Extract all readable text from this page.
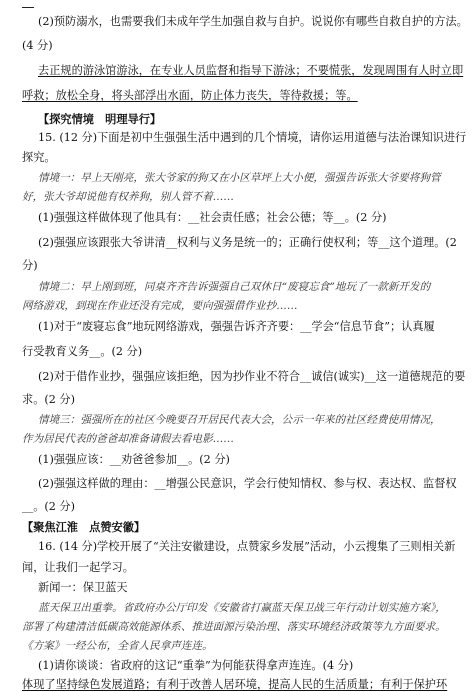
(2)预防溺水，也需要我们未成年学生加强自救与自护。说说你有哪些自救自护的方法。
(4 分)
去正规的游泳馆游泳，在专业人员监督和指导下游泳；不要慌张，发现周围有人时立即
呼救；放松全身，将头部浮出水面，防止体力丧失，等待救援；等。
【探究情境　明理导行】
15. (12 分)下面是初中生强强生活中遇到的几个情境，请你运用道德与法治课知识进行
探究。
情境一：早上天刚亮，张大爷家的狗又在小区草坪上大小便，强强告诉张大爷要将狗管
好，张大爷却说他有权养狗，别人管不着……
(1)强强这样做体现了他具有：__社会责任感；社会公德；等__。(2 分)
(2)强强应该跟张大爷讲清__权利与义务是统一的；正确行使权利；等__这个道理。(2
分)
情境二：早上刚到班，同桌齐齐告诉强强自己双休日“废寝忘食”地玩了一款新开发的
网络游戏，到现在作业还没有完成，要向强强借作业抄……
(1)对于“废寝忘食”地玩网络游戏，强强告诉齐齐要：__学会“信息节食”；认真履
行受教育义务__。(2 分)
(2)对于借作业抄，强强应该拒绝，因为抄作业不符合__诚信(诚实)__这一道德规范的要
求。(2 分)
情境三：强强所在的社区今晚要召开居民代表大会，公示一年来的社区经费使用情况，
作为居民代表的爸爸却准备请假去看电影……
(1)强强应该：__劝爸爸参加__。(2 分)
(2)强强这样做的理由：__增强公民意识，学会行使知情权、参与权、表达权、监督权
__。(2 分)
【聚焦江淮　点赞安徽】
16. (14 分)学校开展了“关注安徽建设，点赞家乡发展”活动，小云搜集了三则相关新
闻，让我们一起学习。
新闻一：保卫蓝天
蓝天保卫出重拳。省政府办公厅印发《安徽省打赢蓝天保卫战三年行动计划实施方案》，
部署了构建清洁低碳高效能源体系、推进面源污染治理、落实环境经济政策等九方面要求。
《方案》一经公布，全省人民拿声连连。
(1)请你谈谈：省政府的这记“重拳”为何能获得拿声连连。(4 分)
体现了坚持绿色发展道路；有利于改善人居环境，提高人民的生活质量；有利于保护环
